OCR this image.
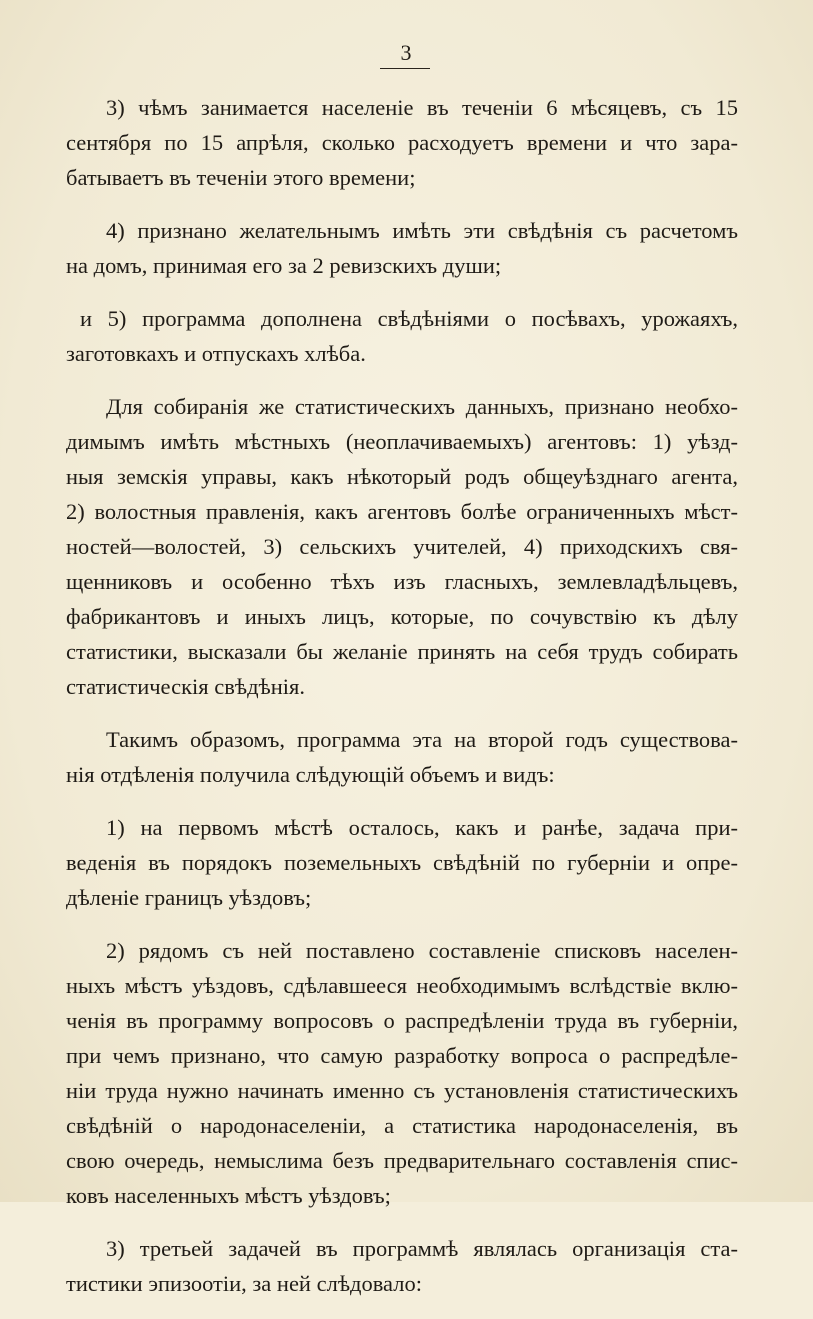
3
3) чѣмъ занимается населеніе въ теченіи 6 мѣсяцевъ, съ 15
сентября по 15 апрѣля, сколько расходуетъ времени и что зара-
батываетъ въ теченіи этого времени;
4) признано желательнымъ имѣть эти свѣдѣнія съ расчетомъ
на домъ, принимая его за 2 ревизскихъ души;
и 5) программа дополнена свѣдѣніями о посѣвахъ, урожаяхъ,
заготовкахъ и отпускахъ хлѣба.
Для собиранія же статистическихъ данныхъ, признано необхо-
димымъ имѣть мѣстныхъ (неоплачиваемыхъ) агентовъ: 1) уѣзд-
ныя земскія управы, какъ нѣкоторый родъ общеуѣзднаго агента,
2) волостныя правленія, какъ агентовъ болѣе ограниченныхъ мѣст-
ностей—волостей, 3) сельскихъ учителей, 4) приходскихъ свя-
щенниковъ и особенно тѣхъ изъ гласныхъ, землевладѣльцевъ,
фабрикантовъ и иныхъ лицъ, которые, по сочувствію къ дѣлу
статистики, высказали бы желаніе принять на себя трудъ собирать
статистическія свѣдѣнія.
Такимъ образомъ, программа эта на второй годъ существова-
нія отдѣленія получила слѣдующій объемъ и видъ:
1) на первомъ мѣстѣ осталось, какъ и ранѣе, задача при-
веденія въ порядокъ поземельныхъ свѣдѣній по губерніи и опре-
дѣленіе границъ уѣздовъ;
2) рядомъ съ ней поставлено составленіе списковъ населен-
ныхъ мѣстъ уѣздовъ, сдѣлавшееся необходимымъ вслѣдствіе вклю-
ченія въ программу вопросовъ о распредѣленіи труда въ губерніи,
при чемъ признано, что самую разработку вопроса о распредѣле-
ніи труда нужно начинать именно съ установленія статистическихъ
свѣдѣній о народонаселеніи, а статистика народонаселенія, въ
свою очередь, немыслима безъ предварительнаго составленія спис-
ковъ населенныхъ мѣстъ уѣздовъ;
3) третьей задачей въ программѣ являлась организація ста-
тистики эпизоотіи, за ней слѣдовало:
